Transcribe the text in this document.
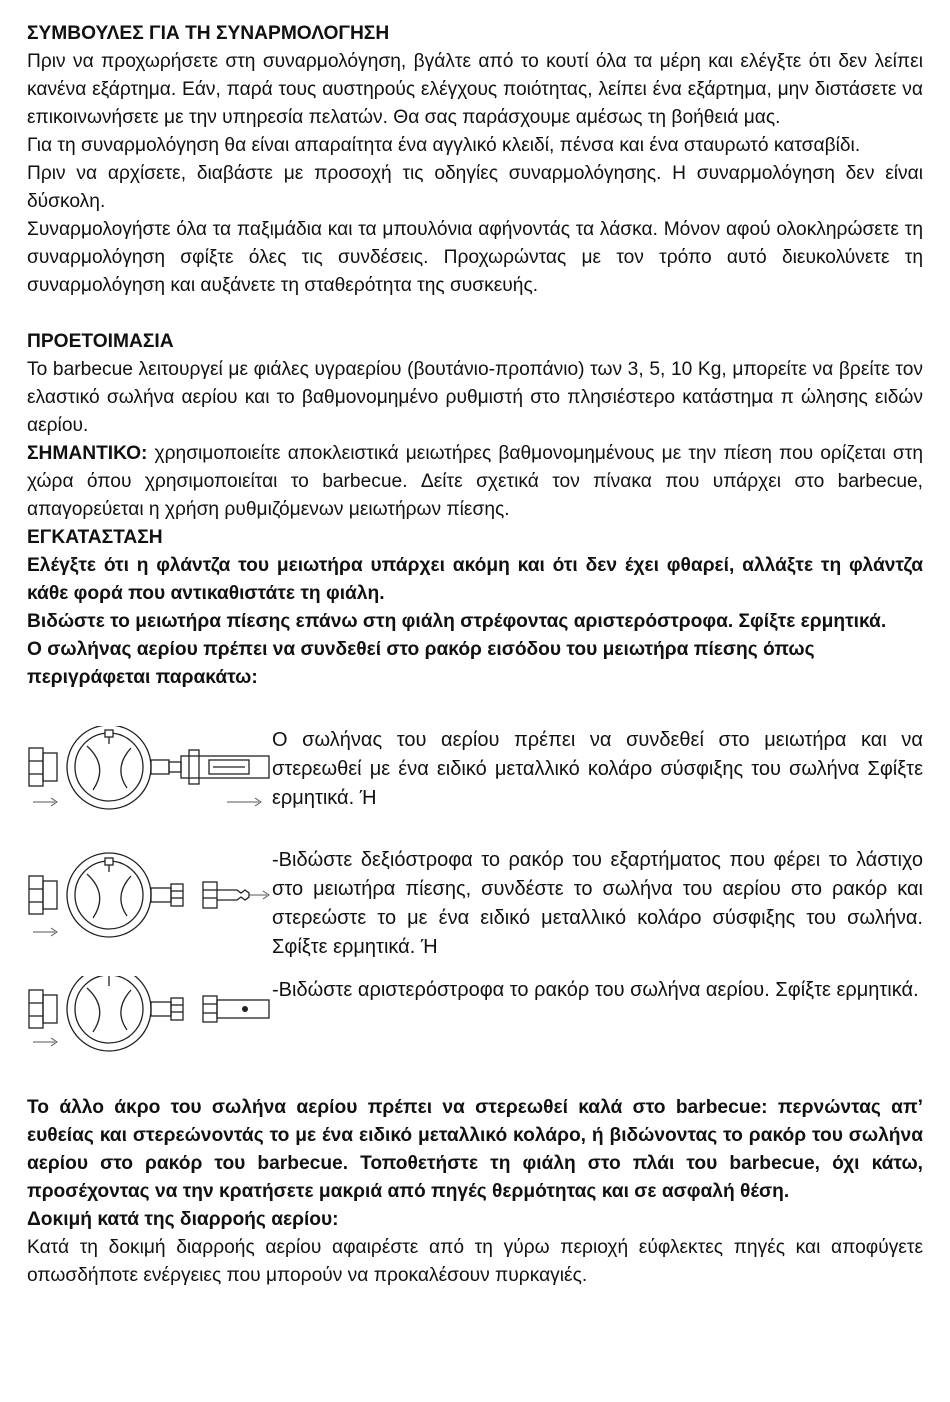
ΣΥΜΒΟΥΛΕΣ ΓΙΑ ΤΗ ΣΥΝΑΡΜΟΛΟΓΗΣΗ

Πριν να προχωρήσετε στη συναρμολόγηση, βγάλτε από το κουτί όλα τα μέρη και ελέγξτε ότι δεν λείπει κανένα εξάρτημα. Εάν, παρά τους αυστηρούς ελέγχους ποιότητας, λείπει ένα εξάρτημα, μην διστάσετε να επικοινωνήσετε με την υπηρεσία πελατών. Θα σας παράσχουμε αμέσως τη βοήθειά μας.

Για τη συναρμολόγηση θα είναι απαραίτητα ένα αγγλικό κλειδί, πένσα και ένα σταυρωτό κατσαβίδι.

Πριν να αρχίσετε, διαβάστε με προσοχή τις οδηγίες συναρμολόγησης. Η συναρμολόγηση δεν είναι δύσκολη.

Συναρμολογήστε όλα τα παξιμάδια και τα μπουλόνια αφήνοντάς τα λάσκα. Μόνον αφού ολοκληρώσετε τη συναρμολόγηση σφίξτε όλες τις συνδέσεις. Προχωρώντας με τον τρόπο αυτό διευκολύνετε τη συναρμολόγηση και αυξάνετε τη σταθερότητα της συσκευής.

ΠΡΟΕΤΟΙΜΑΣΙΑ

Το barbecue λειτουργεί με φιάλες υγραερίου (βουτάνιο-προπάνιο) των 3, 5, 10 Kg, μπορείτε να βρείτε τον ελαστικό σωλήνα αερίου και το βαθμονομημένο ρυθμιστή στο πλησιέστερο κατάστημα π ώλησης ειδών αερίου.

ΣΗΜΑΝΤΙΚΟ: χρησιμοποιείτε αποκλειστικά μειωτήρες βαθμονομημένους με την πίεση που ορίζεται στη χώρα όπου χρησιμοποιείται το barbecue. Δείτε σχετικά τον πίνακα που υπάρχει στο barbecue, απαγορεύεται η χρήση ρυθμιζόμενων μειωτήρων πίεσης.

ΕΓΚΑΤΑΣΤΑΣΗ

Ελέγξτε ότι η φλάντζα του μειωτήρα υπάρχει ακόμη και ότι δεν έχει φθαρεί, αλλάξτε τη φλάντζα κάθε φορά που αντικαθιστάτε τη φιάλη.

Βιδώστε το μειωτήρα πίεσης επάνω στη φιάλη στρέφοντας αριστερόστροφα. Σφίξτε ερμητικά.

Ο σωλήνας αερίου πρέπει να συνδεθεί στο ρακόρ εισόδου του μειωτήρα πίεσης όπως περιγράφεται παρακάτω:

Ο σωλήνας του αερίου πρέπει να συνδεθεί στο μειωτήρα και να στερεωθεί με ένα ειδικό μεταλλικό κολάρο σύσφιξης του σωλήνα Σφίξτε ερμητικά. Ή

-Βιδώστε δεξιόστροφα το ρακόρ του εξαρτήματος που φέρει το λάστιχο στο μειωτήρα πίεσης, συνδέστε το σωλήνα του αερίου στο ρακόρ και στερεώστε το με ένα ειδικό μεταλλικό κολάρο σύσφιξης του σωλήνα. Σφίξτε ερμητικά. Ή

-Βιδώστε αριστερόστροφα το ρακόρ του σωλήνα αερίου. Σφίξτε ερμητικά.

Το άλλο άκρο του σωλήνα αερίου πρέπει να στερεωθεί καλά στο barbecue: περνώντας απ’ ευθείας και στερεώνοντάς το με ένα ειδικό μεταλλικό κολάρο, ή βιδώνοντας το ρακόρ του σωλήνα αερίου στο ρακόρ του barbecue. Τοποθετήστε τη φιάλη στο πλάι του barbecue, όχι κάτω, προσέχοντας να την κρατήσετε μακριά από πηγές θερμότητας και σε ασφαλή θέση.

Δοκιμή κατά της διαρροής αερίου:

Κατά τη δοκιμή διαρροής αερίου αφαιρέστε από τη γύρω περιοχή εύφλεκτες πηγές και αποφύγετε οπωσδήποτε ενέργειες που μπορούν να προκαλέσουν πυρκαγιές.
